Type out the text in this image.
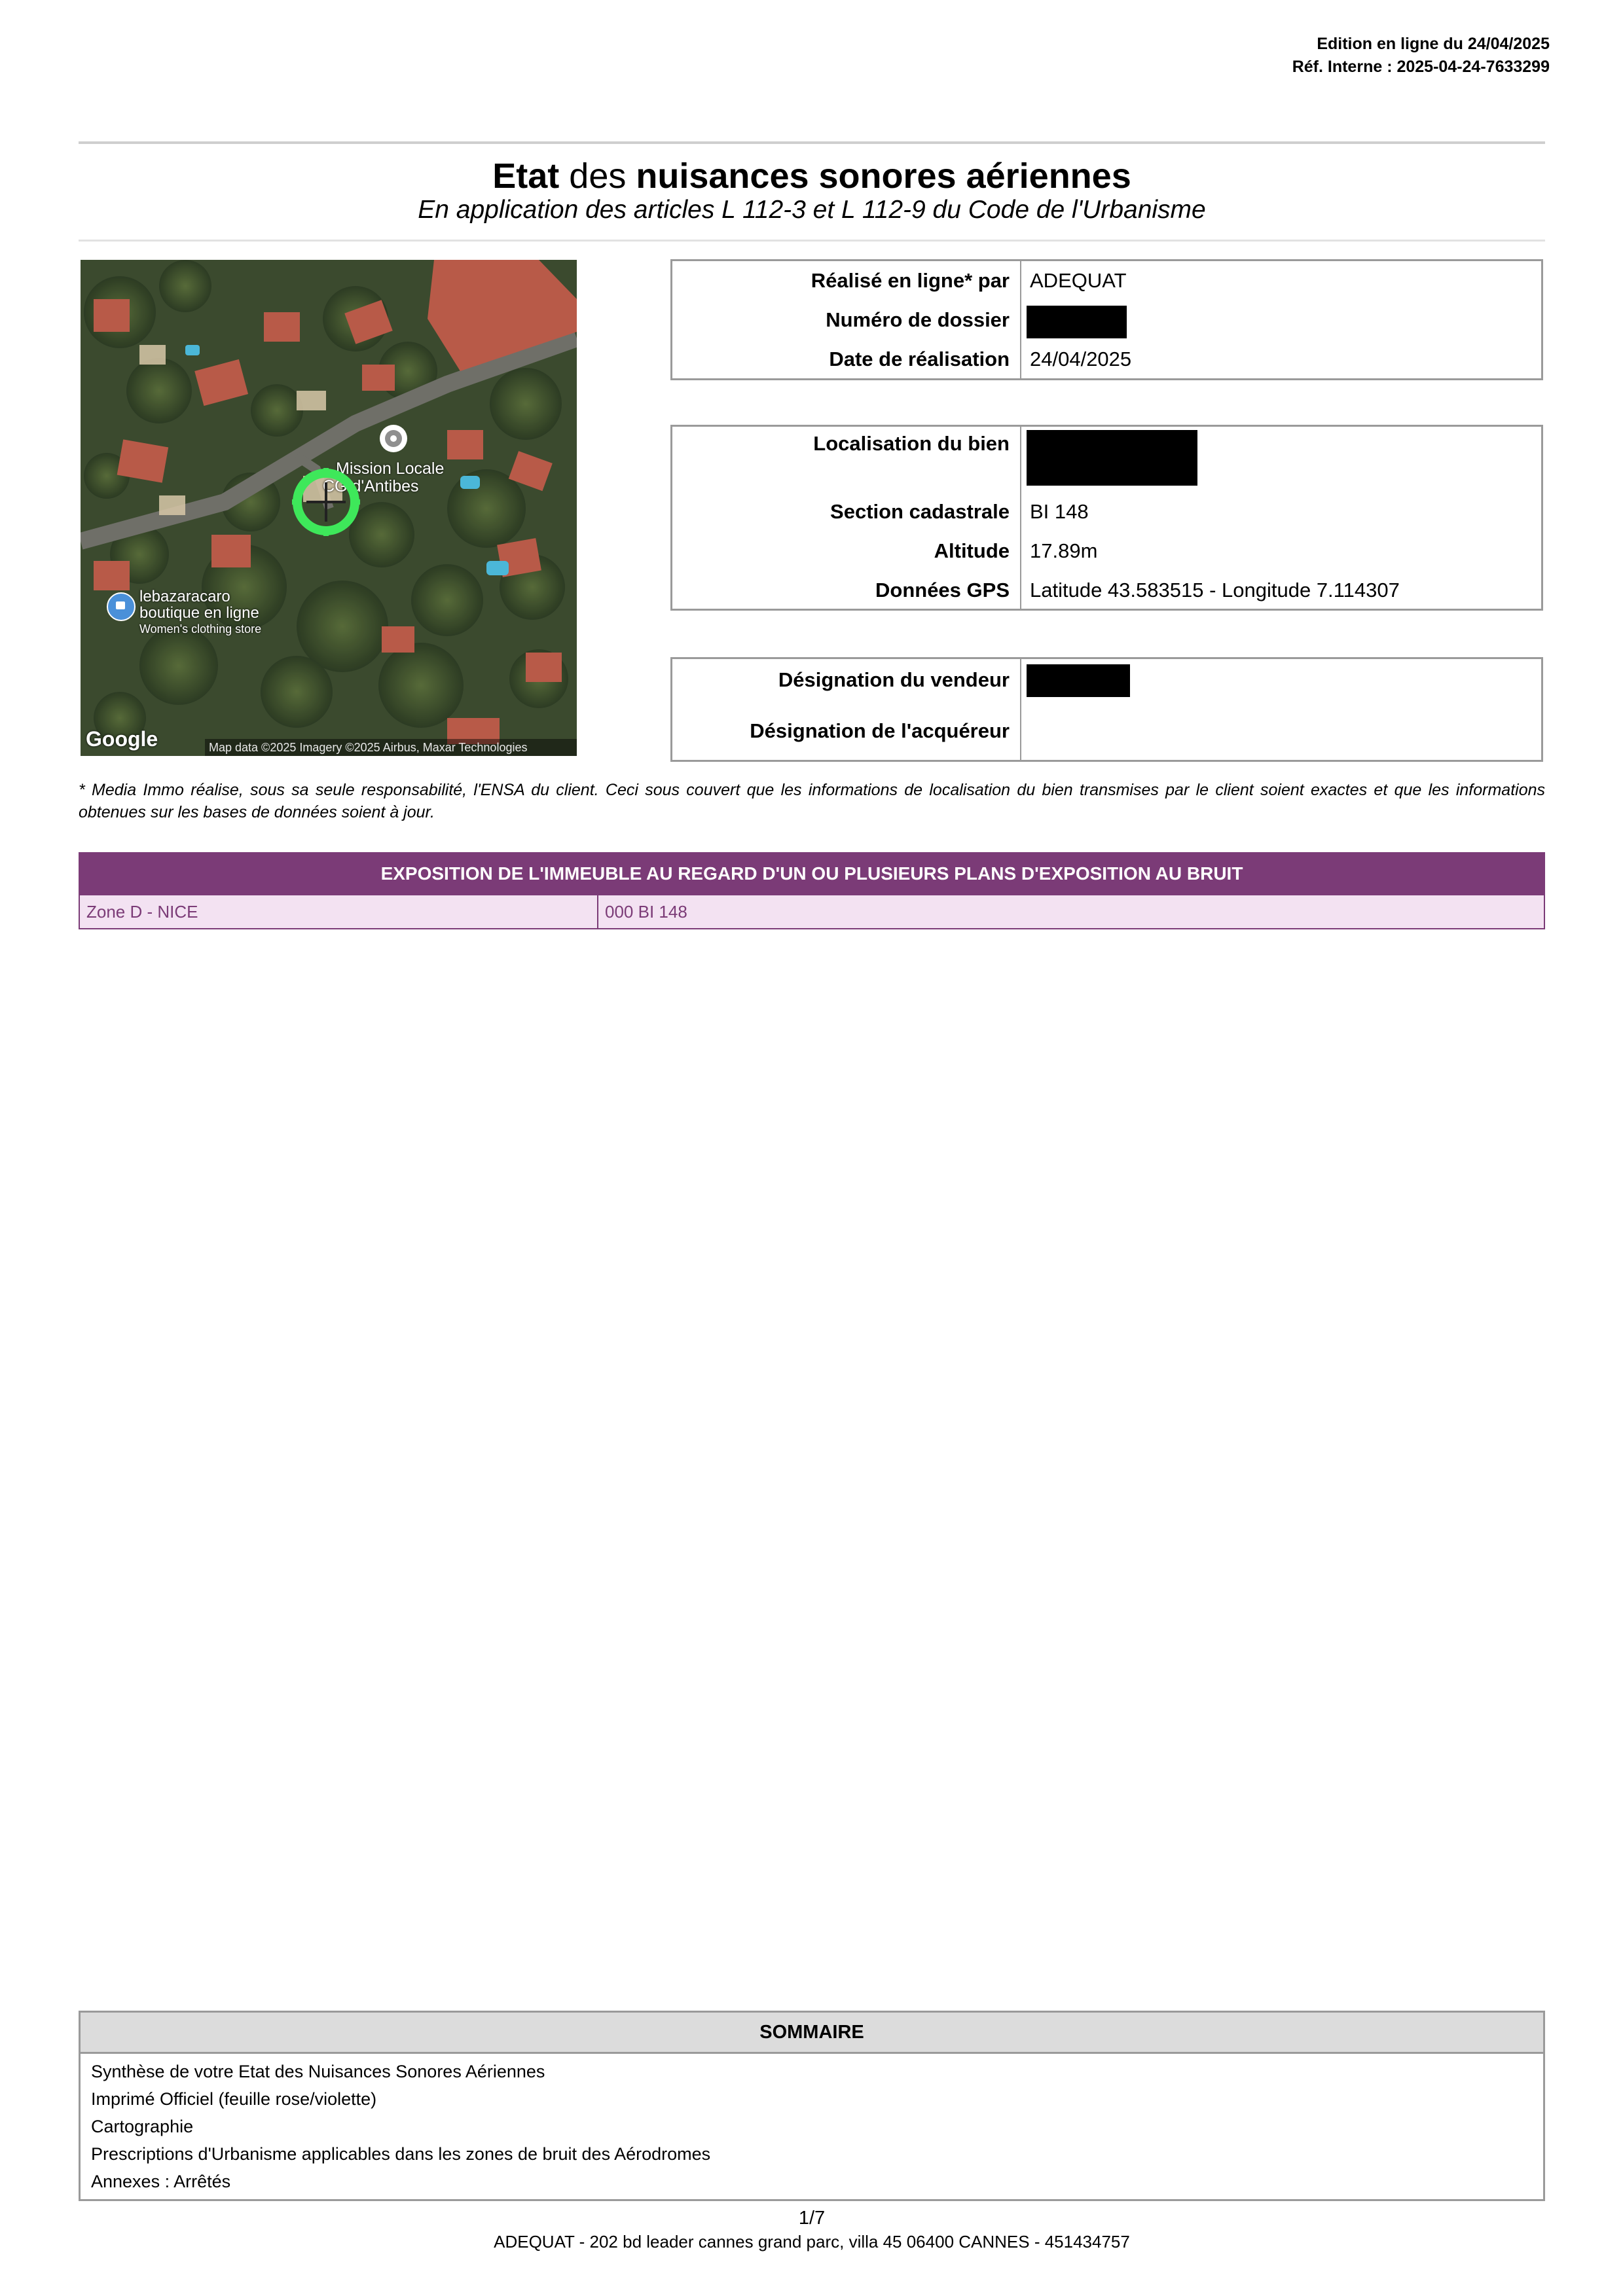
Edition en ligne du 24/04/2025
Réf. Interne : 2025-04-24-7633299
Etat des nuisances sonores aériennes
En application des articles L 112-3 et L 112-9 du Code de l'Urbanisme
Mission Locale
CG d'Antibes
lebazaracaro
boutique en ligne
Women's clothing store
Google	Map data ©2025 Imagery ©2025 Airbus, Maxar Technologies
Réalisé en ligne* par ADEQUAT
Numéro de dossier
Date de réalisation 24/04/2025
Localisation du bien
Section cadastrale BI 148
Altitude 17.89m
Données GPS Latitude 43.583515 - Longitude 7.114307
Désignation du vendeur
Désignation de l'acquéreur
* Media Immo réalise, sous sa seule responsabilité, l'ENSA du client. Ceci sous couvert que les informations de localisation du bien transmises par le client soient exactes et que les informations obtenues sur les bases de données soient à jour.
EXPOSITION DE L'IMMEUBLE AU REGARD D'UN OU PLUSIEURS PLANS D'EXPOSITION AU BRUIT
Zone D - NICE	000 BI 148
SOMMAIRE
Synthèse de votre Etat des Nuisances Sonores Aériennes
Imprimé Officiel (feuille rose/violette)
Cartographie
Prescriptions d'Urbanisme applicables dans les zones de bruit des Aérodromes
Annexes : Arrêtés
1/7
ADEQUAT - 202 bd leader cannes grand parc, villa 45 06400 CANNES - 451434757
